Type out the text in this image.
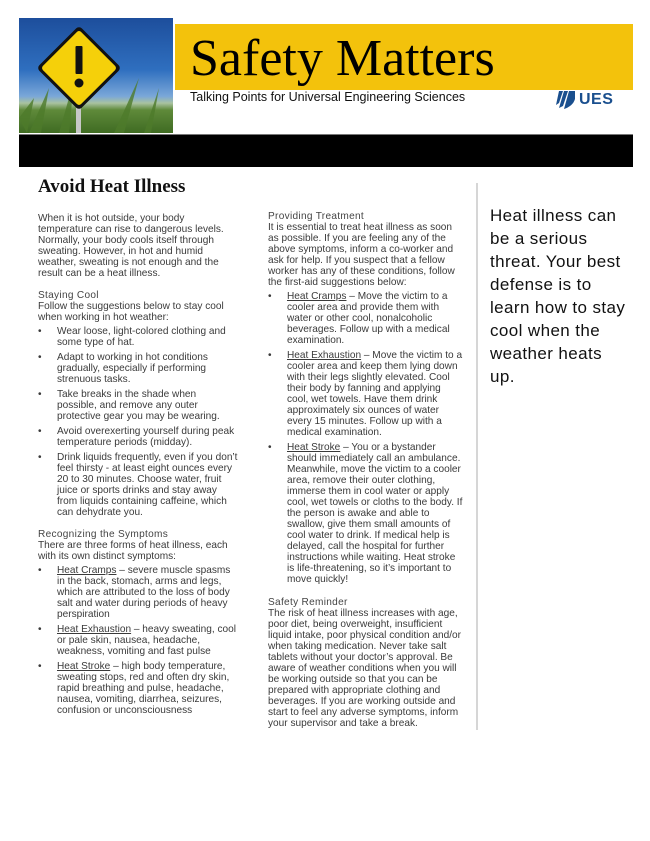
Safety Matters
Talking Points for Universal Engineering Sciences	UES
Avoid Heat Illness

When it is hot outside, your body temperature can rise to dangerous levels. Normally, your body cools itself through sweating. However, in hot and humid weather, sweating is not enough and the result can be a heat illness.

Staying Cool

Follow the suggestions below to stay cool when working in hot weather:

• Wear loose, light-colored clothing and some type of hat.
• Adapt to working in hot conditions gradually, especially if performing strenuous tasks.
• Take breaks in the shade when possible, and remove any outer protective gear you may be wearing.
• Avoid overexerting yourself during peak temperature periods (midday).
• Drink liquids frequently, even if you don’t feel thirsty - at least eight ounces every 20 to 30 minutes. Choose water, fruit juice or sports drinks and stay away from liquids containing caffeine, which can dehydrate you.

Recognizing the Symptoms

There are three forms of heat illness, each with its own distinct symptoms:

• Heat Cramps – severe muscle spasms in the back, stomach, arms and legs, which are attributed to the loss of body salt and water during periods of heavy perspiration
• Heat Exhaustion – heavy sweating, cool or pale skin, nausea, headache, weakness, vomiting and fast pulse
• Heat Stroke – high body temperature, sweating stops, red and often dry skin, rapid breathing and pulse, headache, nausea, vomiting, diarrhea, seizures, confusion or unconsciousness

Providing Treatment

It is essential to treat heat illness as soon as possible. If you are feeling any of the above symptoms, inform a co-worker and ask for help. If you suspect that a fellow worker has any of these conditions, follow the first-aid suggestions below:

• Heat Cramps – Move the victim to a cooler area and provide them with water or other cool, nonalcoholic beverages. Follow up with a medical examination.
• Heat Exhaustion – Move the victim to a cooler area and keep them lying down with their legs slightly elevated. Cool their body by fanning and applying cool, wet towels. Have them drink approximately six ounces of water every 15 minutes. Follow up with a medical examination.
• Heat Stroke – You or a bystander should immediately call an ambulance. Meanwhile, move the victim to a cooler area, remove their outer clothing, immerse them in cool water or apply cool, wet towels or cloths to the body. If the person is awake and able to swallow, give them small amounts of cool water to drink. If medical help is delayed, call the hospital for further instructions while waiting. Heat stroke is life-threatening, so it’s important to move quickly!

Safety Reminder

The risk of heat illness increases with age, poor diet, being overweight, insufficient liquid intake, poor physical condition and/or when taking medication. Never take salt tablets without your doctor’s approval. Be aware of weather conditions when you will be working outside so that you can be prepared with appropriate clothing and beverages. If you are working outside and start to feel any adverse symptoms, inform your supervisor and take a break.

Heat illness can be a serious threat. Your best defense is to learn how to stay cool when the weather heats up.
